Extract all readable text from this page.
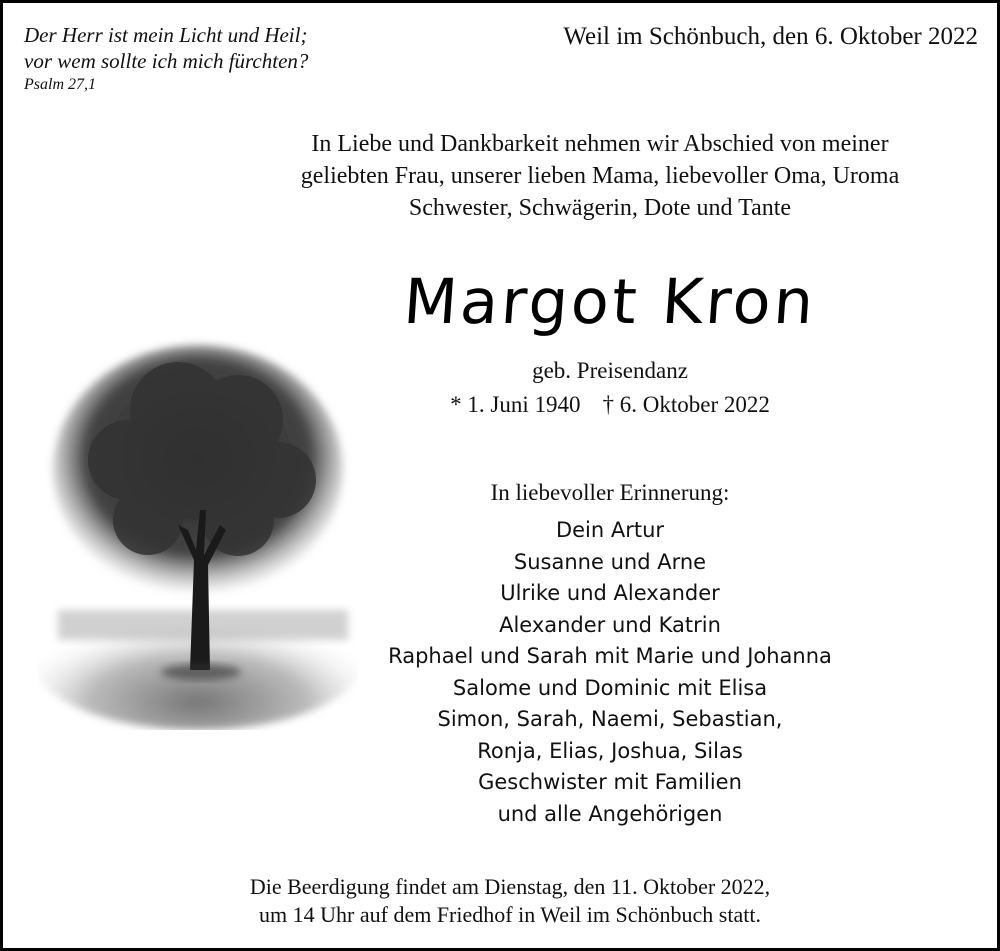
Der Herr ist mein Licht und Heil;
vor wem sollte ich mich fürchten?
Psalm 27,1
Weil im Schönbuch, den 6. Oktober 2022
In Liebe und Dankbarkeit nehmen wir Abschied von meiner
geliebten Frau, unserer lieben Mama, liebevoller Oma, Uroma
Schwester, Schwägerin, Dote und Tante
Margot Kron
geb. Preisendanz
* 1. Juni 1940 † 6. Oktober 2022
In liebevoller Erinnerung:
Dein Artur
Susanne und Arne
Ulrike und Alexander
Alexander und Katrin
Raphael und Sarah mit Marie und Johanna
Salome und Dominic mit Elisa
Simon, Sarah, Naemi, Sebastian,
Ronja, Elias, Joshua, Silas
Geschwister mit Familien
und alle Angehörigen
Die Beerdigung findet am Dienstag, den 11. Oktober 2022,
um 14 Uhr auf dem Friedhof in Weil im Schönbuch statt.
